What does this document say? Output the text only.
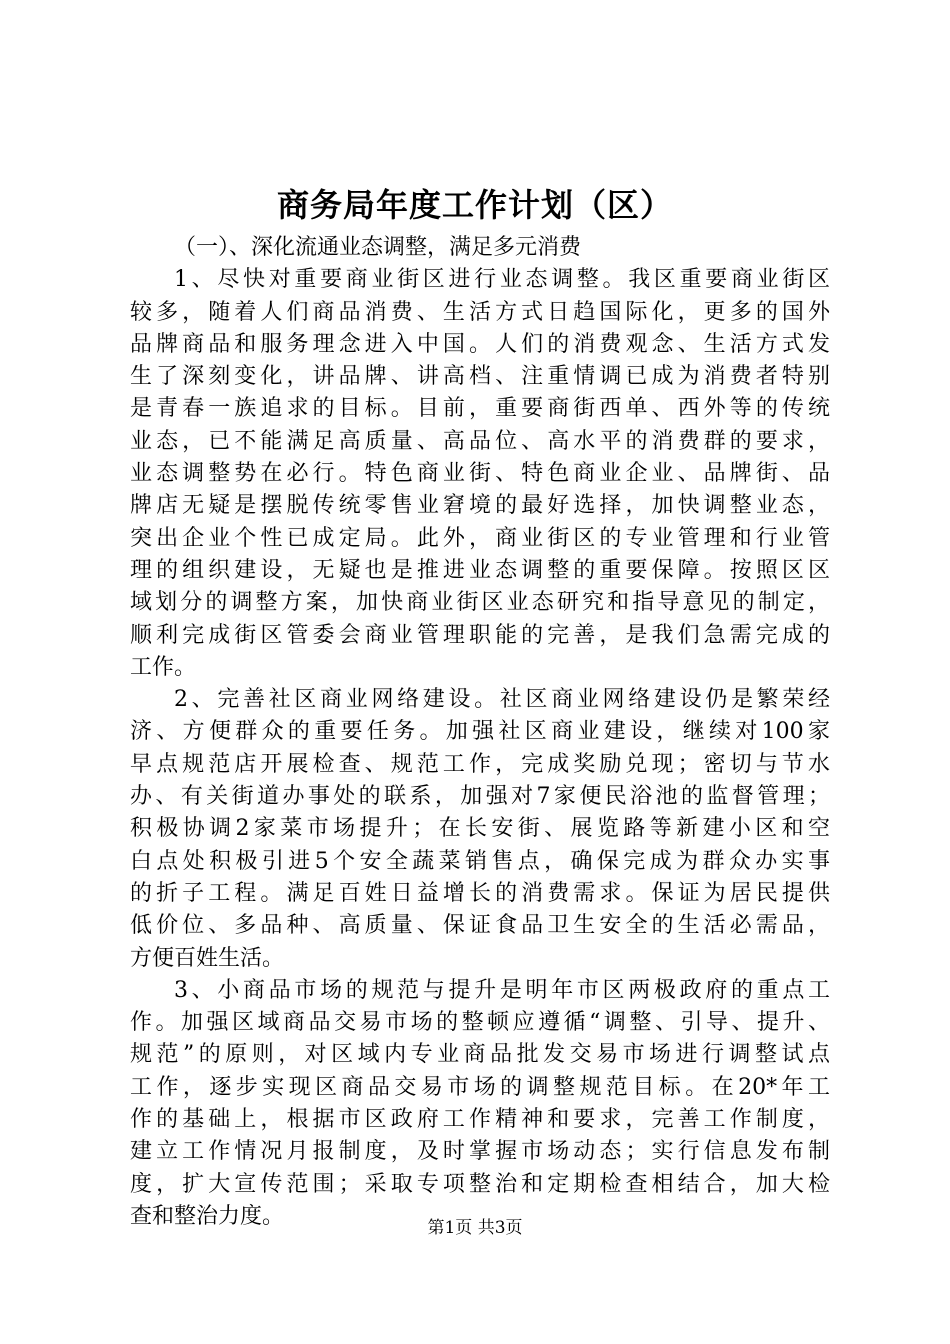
商务局年度工作计划（区）
（一）、深化流通业态调整，满足多元消费
1、尽快对重要商业街区进行业态调整。我区重要商业街区
较多，随着人们商品消费、生活方式日趋国际化，更多的国外
品牌商品和服务理念进入中国。人们的消费观念、生活方式发
生了深刻变化，讲品牌、讲高档、注重情调已成为消费者特别
是青春一族追求的目标。目前，重要商街西单、西外等的传统
业态，已不能满足高质量、高品位、高水平的消费群的要求，
业态调整势在必行。特色商业街、特色商业企业、品牌街、品
牌店无疑是摆脱传统零售业窘境的最好选择，加快调整业态，
突出企业个性已成定局。此外，商业街区的专业管理和行业管
理的组织建设，无疑也是推进业态调整的重要保障。按照区区
域划分的调整方案，加快商业街区业态研究和指导意见的制定，
顺利完成街区管委会商业管理职能的完善，是我们急需完成的
工作。
2、完善社区商业网络建设。社区商业网络建设仍是繁荣经
济、方便群众的重要任务。加强社区商业建设，继续对100家
早点规范店开展检查、规范工作，完成奖励兑现；密切与节水
办、有关街道办事处的联系，加强对7家便民浴池的监督管理；
积极协调2家菜市场提升；在长安街、展览路等新建小区和空
白点处积极引进5个安全蔬菜销售点，确保完成为群众办实事
的折子工程。满足百姓日益增长的消费需求。保证为居民提供
低价位、多品种、高质量、保证食品卫生安全的生活必需品，
方便百姓生活。
3、小商品市场的规范与提升是明年市区两极政府的重点工
作。加强区域商品交易市场的整顿应遵循“调整、引导、提升、
规范”的原则，对区域内专业商品批发交易市场进行调整试点
工作，逐步实现区商品交易市场的调整规范目标。在20*年工
作的基础上，根据市区政府工作精神和要求，完善工作制度，
建立工作情况月报制度，及时掌握市场动态；实行信息发布制
度，扩大宣传范围；采取专项整治和定期检查相结合，加大检
查和整治力度。	第1页 共3页
